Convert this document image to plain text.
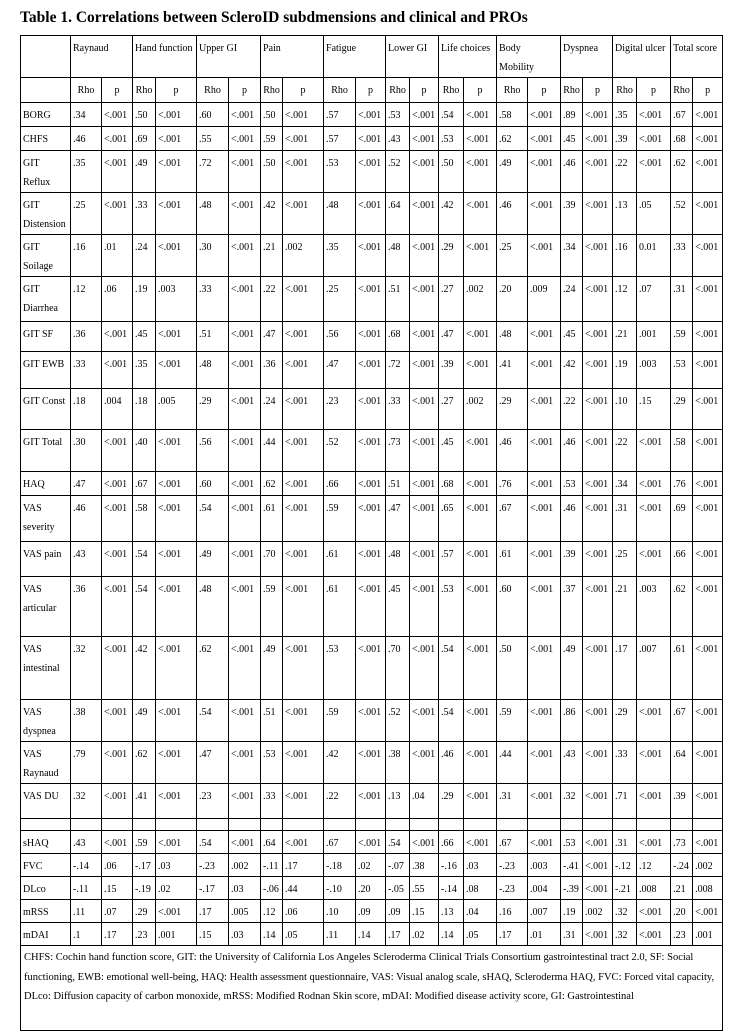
Table 1. Correlations between ScleroID subdmensions and clinical and PROs
	Raynaud		Hand function		Upper GI		Pain		Fatigue		Lower GI		Life choices		Body Mobility		Dyspnea		Digital ulcer		Total score	
	Rho	p	Rho	p	Rho	p	Rho	p	Rho	p	Rho	p	Rho	p	Rho	p	Rho	p	Rho	p	Rho	p
BORG	.34	<.001	.50	<.001	.60	<.001	.50	<.001	.57	<.001	.53	<.001	.54	<.001	.58	<.001	.89	<.001	.35	<.001	.67	<.001
CHFS	.46	<.001	.69	<.001	.55	<.001	.59	<.001	.57	<.001	.43	<.001	.53	<.001	.62	<.001	.45	<.001	.39	<.001	.68	<.001
GIT Reflux	.35	<.001	.49	<.001	.72	<.001	.50	<.001	.53	<.001	.52	<.001	.50	<.001	.49	<.001	.46	<.001	.22	<.001	.62	<.001
GIT Distension	.25	<.001	.33	<.001	.48	<.001	.42	<.001	.48	<.001	.64	<.001	.42	<.001	.46	<.001	.39	<.001	.13	.05	.52	<.001
GIT Soilage	.16	.01	.24	<.001	.30	<.001	.21	.002	.35	<.001	.48	<.001	.29	<.001	.25	<.001	.34	<.001	.16	0.01	.33	<.001
GIT Diarrhea	.12	.06	.19	.003	.33	<.001	.22	<.001	.25	<.001	.51	<.001	.27	.002	.20	.009	.24	<.001	.12	.07	.31	<.001
GIT SF	.36	<.001	.45	<.001	.51	<.001	.47	<.001	.56	<.001	.68	<.001	.47	<.001	.48	<.001	.45	<.001	.21	.001	.59	<.001
GIT EWB	.33	<.001	.35	<.001	.48	<.001	.36	<.001	.47	<.001	.72	<.001	.39	<.001	.41	<.001	.42	<.001	.19	.003	.53	<.001
GIT Const	.18	.004	.18	.005	.29	<.001	.24	<.001	.23	<.001	.33	<.001	.27	.002	.29	<.001	.22	<.001	.10	.15	.29	<.001
GIT Total	.30	<.001	.40	<.001	.56	<.001	.44	<.001	.52	<.001	.73	<.001	.45	<.001	.46	<.001	.46	<.001	.22	<.001	.58	<.001
HAQ	.47	<.001	.67	<.001	.60	<.001	.62	<.001	.66	<.001	.51	<.001	.68	<.001	.76	<.001	.53	<.001	.34	<.001	.76	<.001
VAS severity	.46	<.001	.58	<.001	.54	<.001	.61	<.001	.59	<.001	.47	<.001	.65	<.001	.67	<.001	.46	<.001	.31	<.001	.69	<.001
VAS pain	.43	<.001	.54	<.001	.49	<.001	.70	<.001	.61	<.001	.48	<.001	.57	<.001	.61	<.001	.39	<.001	.25	<.001	.66	<.001
VAS articular	.36	<.001	.54	<.001	.48	<.001	.59	<.001	.61	<.001	.45	<.001	.53	<.001	.60	<.001	.37	<.001	.21	.003	.62	<.001
VAS intestinal	.32	<.001	.42	<.001	.62	<.001	.49	<.001	.53	<.001	.70	<.001	.54	<.001	.50	<.001	.49	<.001	.17	.007	.61	<.001
VAS dyspnea	.38	<.001	.49	<.001	.54	<.001	.51	<.001	.59	<.001	.52	<.001	.54	<.001	.59	<.001	.86	<.001	.29	<.001	.67	<.001
VAS Raynaud	.79	<.001	.62	<.001	.47	<.001	.53	<.001	.42	<.001	.38	<.001	.46	<.001	.44	<.001	.43	<.001	.33	<.001	.64	<.001
VAS DU	.32	<.001	.41	<.001	.23	<.001	.33	<.001	.22	<.001	.13	.04	.29	<.001	.31	<.001	.32	<.001	.71	<.001	.39	<.001

sHAQ	.43	<.001	.59	<.001	.54	<.001	.64	<.001	.67	<.001	.54	<.001	.66	<.001	.67	<.001	.53	<.001	.31	<.001	.73	<.001
FVC	-.14	.06	-.17	.03	-.23	.002	-.11	.17	-.18	.02	-.07	.38	-.16	.03	-.23	.003	-.41	<.001	-.12	.12	-.24	.002
DLco	-.11	.15	-.19	.02	-.17	.03	-.06	.44	-.10	.20	-.05	.55	-.14	.08	-.23	.004	-.39	<.001	-.21	.008	.21	.008
mRSS	.11	.07	.29	<.001	.17	.005	.12	.06	.10	.09	.09	.15	.13	.04	.16	.007	.19	.002	.32	<.001	.20	<.001
mDAI	.1	.17	.23	.001	.15	.03	.14	.05	.11	.14	.17	.02	.14	.05	.17	.01	.31	<.001	.32	<.001	.23	.001
CHFS: Cochin hand function score, GIT: the University of California Los Angeles Scleroderma Clinical Trials Consortium gastrointestinal tract 2.0, SF: Social functioning, EWB: emotional well-being, HAQ: Health assessment questionnaire, VAS: Visual analog scale, sHAQ, Scleroderma HAQ, FVC: Forced vital capacity, DLco: Diffusion capacity of carbon monoxide, mRSS: Modified Rodnan Skin score, mDAI: Modified disease activity score, GI: Gastrointestinal																						
